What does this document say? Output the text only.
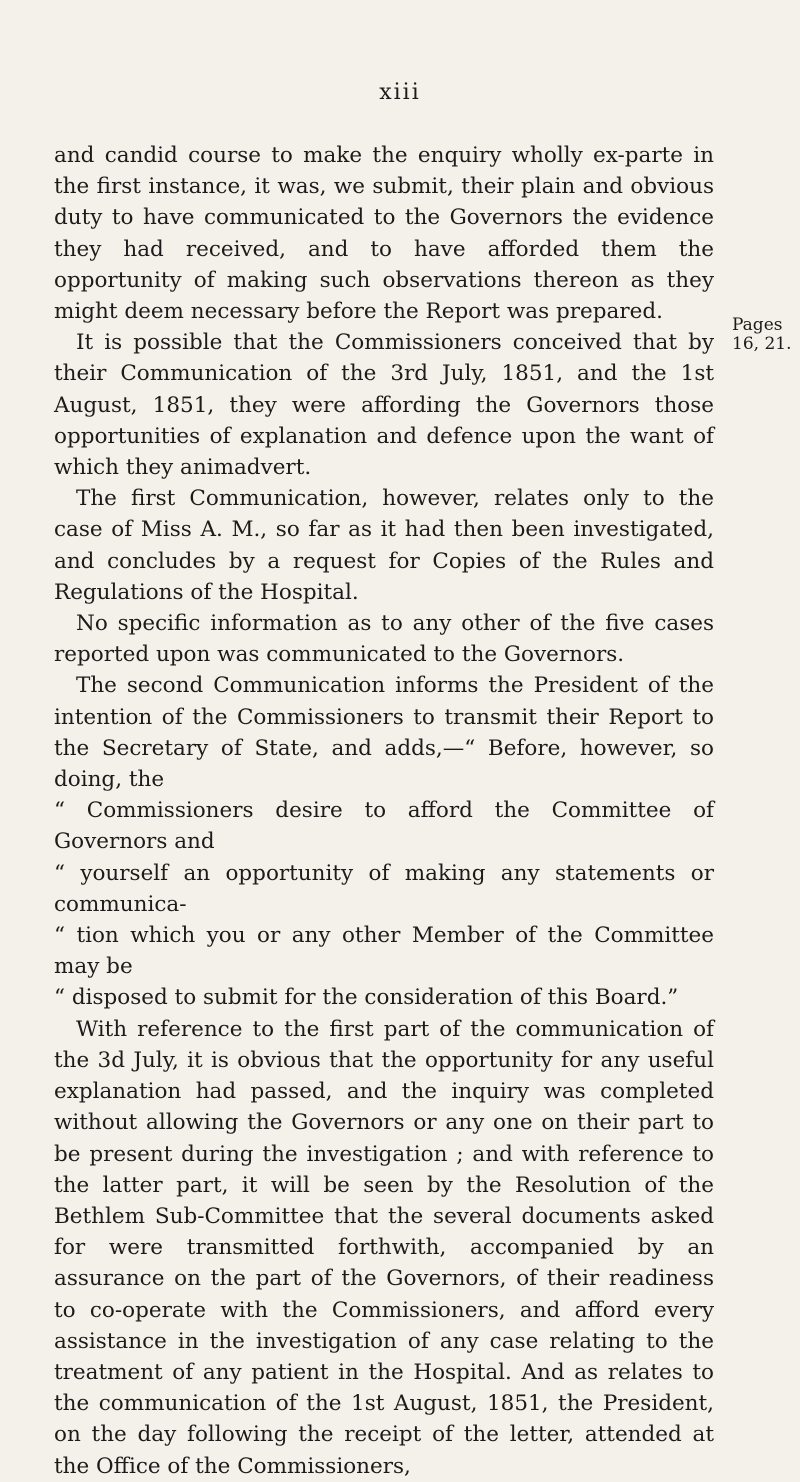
xiii
Pages 16, 21.

and candid course to make the enquiry wholly ex-parte in the first instance, it was, we submit, their plain and obvious duty to have communicated to the Governors the evidence they had received, and to have afforded them the opportunity of making such observations thereon as they might deem necessary before the Report was prepared.

It is possible that the Commissioners conceived that by their Communication of the 3rd July, 1851, and the 1st August, 1851, they were affording the Governors those opportunities of explanation and defence upon the want of which they animadvert.

The first Communication, however, relates only to the case of Miss A. M., so far as it had then been investigated, and concludes by a request for Copies of the Rules and Regulations of the Hospital.

No specific information as to any other of the five cases reported upon was communicated to the Governors.

The second Communication informs the President of the intention of the Commissioners to transmit their Report to the Secretary of State, and adds,—“ Before, however, so doing, the

“ Commissioners desire to afford the Committee of Governors and
“ yourself an opportunity of making any statements or communica-
“ tion which you or any other Member of the Committee may be
“ disposed to submit for the consideration of this Board.”

With reference to the first part of the communication of the 3d July, it is obvious that the opportunity for any useful explanation had passed, and the inquiry was completed without allowing the Governors or any one on their part to be present during the investigation ; and with reference to the latter part, it will be seen by the Resolution of the Bethlem Sub-Committee that the several documents asked for were transmitted forthwith, accompanied by an assurance on the part of the Governors, of their readiness to co-operate with the Commissioners, and afford every assistance in the investigation of any case relating to the treatment of any patient in the Hospital. And as relates to the communication of the 1st August, 1851, the President, on the day following the receipt of the letter, attended at the Office of the Commissioners,
